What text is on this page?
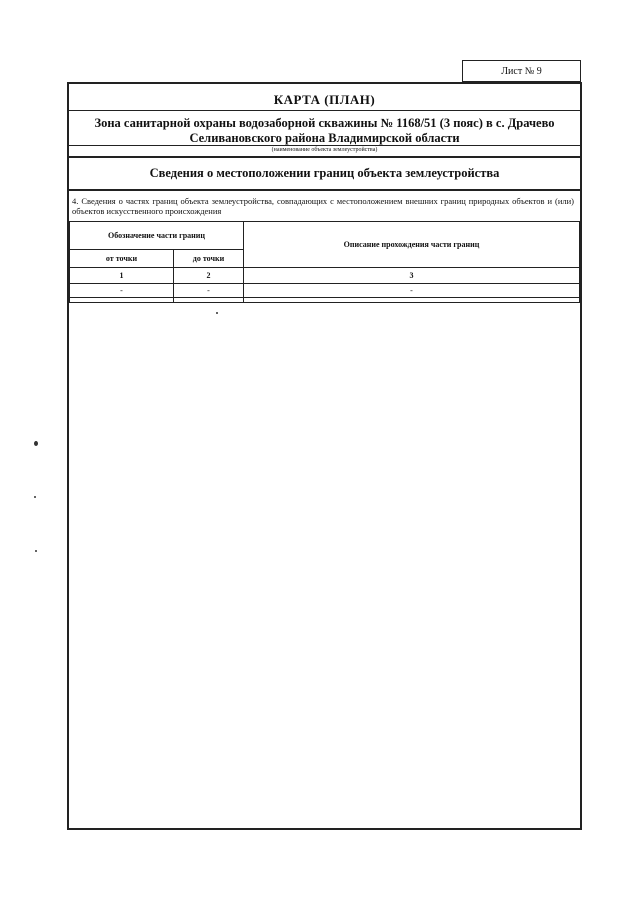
Лист № 9
КАРТА (ПЛАН)
Зона санитарной охраны водозаборной скважины № 1168/51 (3 пояс) в с. Драчево Селивановского района Владимирской области
(наименование объекта землеустройства)
Сведения о местоположении границ объекта землеустройства
4. Сведения о частях границ объекта землеустройства, совпадающих с местоположением внешних границ природных объектов и (или) объектов искусственного происхождения
Обозначение части границ		Описание прохождения части границ
от точки	до точки	
1	2	3
-	-	-
